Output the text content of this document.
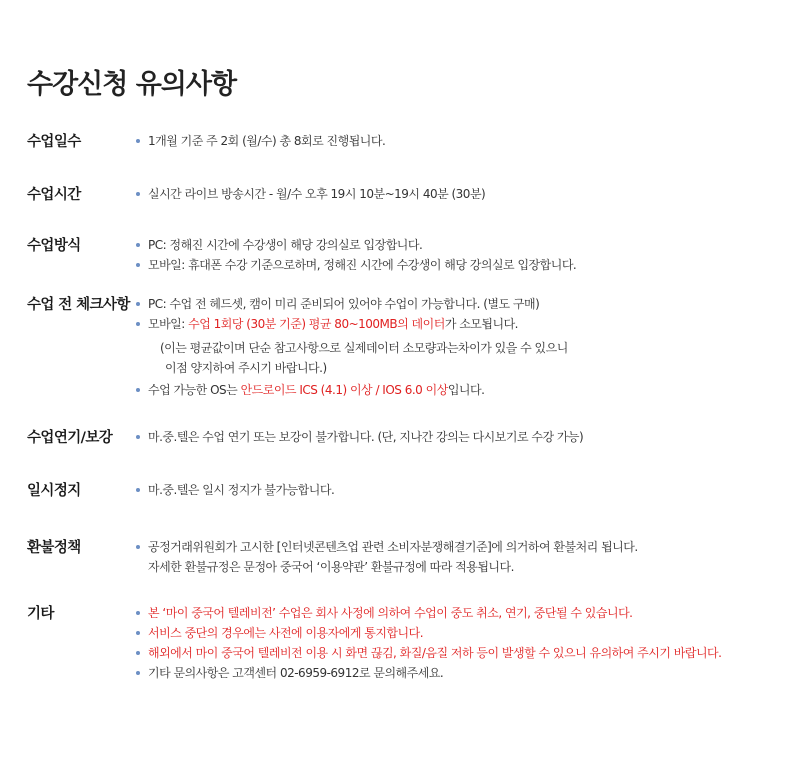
수강신청 유의사항
수업일수	1개월 기준 주 2회 (월/수) 총 8회로 진행됩니다.
수업시간	실시간 라이브 방송시간 - 월/수 오후 19시 10분~19시 40분 (30분)
수업방식	PC: 정해진 시간에 수강생이 해당 강의실로 입장합니다.
모바일: 휴대폰 수강 기준으로하며, 정해진 시간에 수강생이 해당 강의실로 입장합니다.
수업 전 체크사항	PC: 수업 전 헤드셋, 캠이 미리 준비되어 있어야 수업이 가능합니다. (별도 구매)
모바일: 수업 1회당 (30분 기준) 평균 80~100MB의 데이터가 소모됩니다.
(이는 평균값이며 단순 참고사항으로 실제데이터 소모량과는차이가 있을 수 있으니
이점 양지하여 주시기 바랍니다.)
수업 가능한 OS는 안드로이드 ICS (4.1) 이상 / IOS 6.0 이상입니다.
수업연기/보강	마.중.텔은 수업 연기 또는 보강이 불가합니다. (단, 지나간 강의는 다시보기로 수강 가능)
일시정지	마.중.텔은 일시 정지가 불가능합니다.
환불정책	공정거래위원회가 고시한 [인터넷콘텐츠업 관련 소비자분쟁해결기준]에 의거하여 환불처리 됩니다.
자세한 환불규정은 문정아 중국어 ‘이용약관’ 환불규정에 따라 적용됩니다.
기타	본 ‘마이 중국어 텔레비전’ 수업은 회사 사정에 의하여 수업이 중도 취소, 연기, 중단될 수 있습니다.
서비스 중단의 경우에는 사전에 이용자에게 통지합니다.
해외에서 마이 중국어 텔레비전 이용 시 화면 끊김, 화질/음질 저하 등이 발생할 수 있으니 유의하여 주시기 바랍니다.
기타 문의사항은 고객센터 02-6959-6912로 문의해주세요.
